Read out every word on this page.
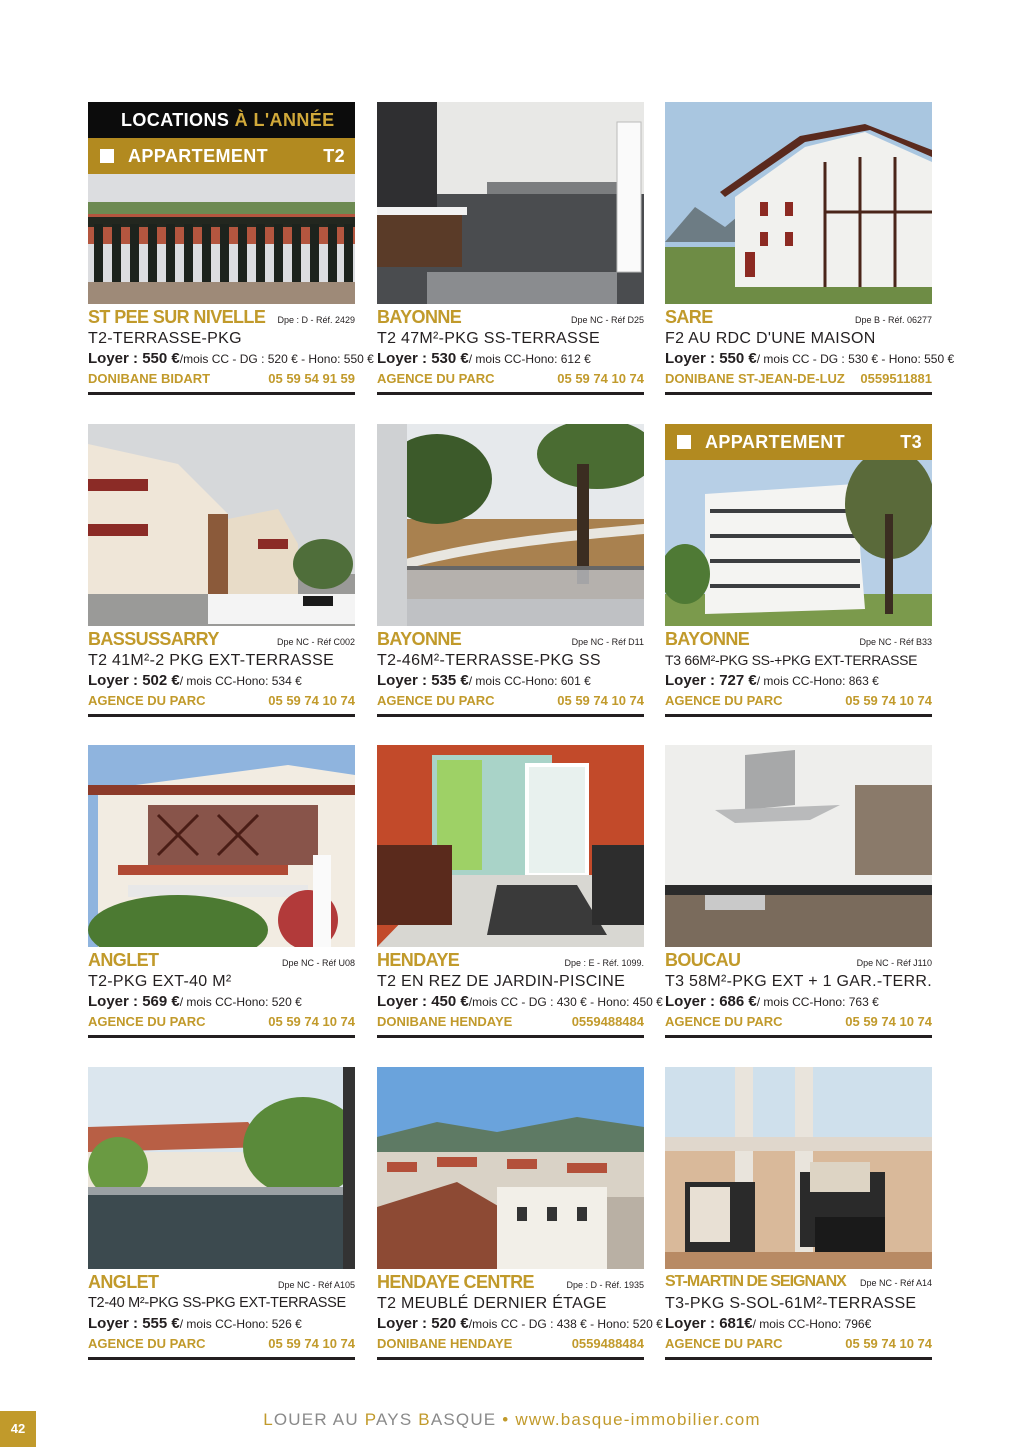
LOCATIONS À L'ANNÉE
APPARTEMENT	T2
ST PEE SUR NIVELLE	Dpe : D - Réf. 2429
T2-TERRASSE-PKG
Loyer : 550 €/mois CC - DG : 520 € - Hono: 550 €
DONIBANE BIDART	05 59 54 91 59
BAYONNE	Dpe NC - Réf D25
T2 47M²-PKG SS-TERRASSE
Loyer : 530 €/ mois CC-Hono: 612 €
AGENCE DU PARC	05 59 74 10 74
SARE	Dpe B - Réf. 06277
F2 AU RDC D'UNE MAISON
Loyer : 550 €/ mois CC - DG : 530 € - Hono: 550 €
DONIBANE ST-JEAN-DE-LUZ 0559511881
BASSUSSARRY	Dpe NC - Réf C002
T2 41M²-2 PKG EXT-TERRASSE
Loyer : 502 €/ mois CC-Hono: 534 €
AGENCE DU PARC	05 59 74 10 74
BAYONNE	Dpe NC - Réf D11
T2-46M²-TERRASSE-PKG SS
Loyer : 535 €/ mois CC-Hono: 601 €
AGENCE DU PARC	05 59 74 10 74
APPARTEMENT	T3
BAYONNE	Dpe NC - Réf B33
T3 66M²-PKG SS-+PKG EXT-TERRASSE
Loyer : 727 €/ mois CC-Hono: 863 €
AGENCE DU PARC	05 59 74 10 74
ANGLET	Dpe NC - Réf U08
T2-PKG EXT-40 M²
Loyer : 569 €/ mois CC-Hono: 520 €
AGENCE DU PARC	05 59 74 10 74
HENDAYE	Dpe : E - Réf. 1099.
T2 EN REZ DE JARDIN-PISCINE
Loyer : 450 €/mois CC - DG : 430 € - Hono: 450 €
DONIBANE HENDAYE	0559488484
BOUCAU	Dpe NC - Réf J110
T3 58M²-PKG EXT + 1 GAR.-TERR.
Loyer : 686 €/ mois CC-Hono: 763 €
AGENCE DU PARC	05 59 74 10 74
ANGLET	Dpe NC - Réf A105
T2-40 M²-PKG SS-PKG EXT-TERRASSE
Loyer : 555 €/ mois CC-Hono: 526 €
AGENCE DU PARC	05 59 74 10 74
HENDAYE CENTRE	Dpe : D - Réf. 1935
T2 MEUBLÉ DERNIER ÉTAGE
Loyer : 520 €/mois CC - DG : 438 € - Hono: 520 €
DONIBANE HENDAYE	0559488484
ST-MARTIN DE SEIGNANX	Dpe NC - Réf A14
T3-PKG S-SOL-61M²-TERRASSE
Loyer : 681€/ mois CC-Hono: 796€
AGENCE DU PARC	05 59 74 10 74
42	LOUER AU PAYS BASQUE • www.basque-immobilier.com
